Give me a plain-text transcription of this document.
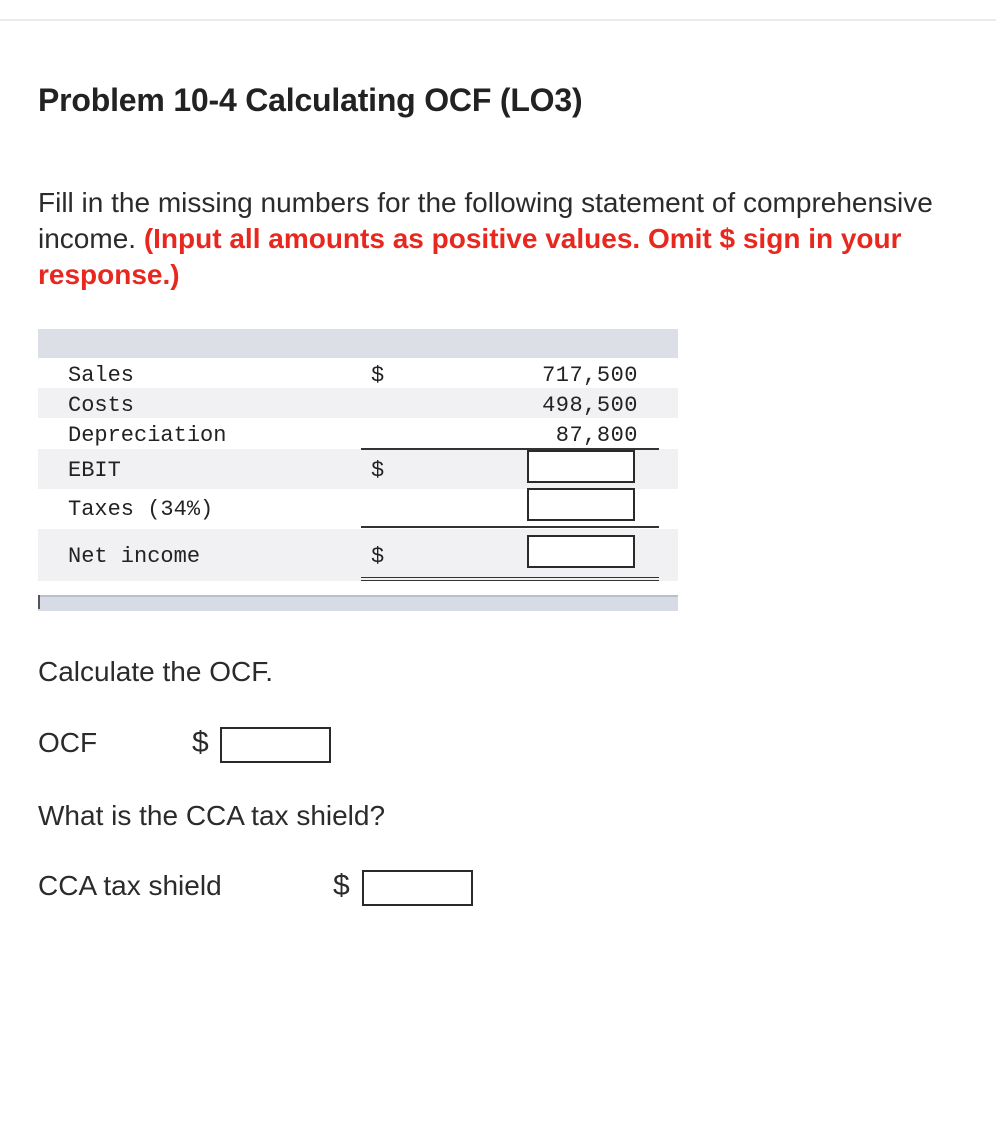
Problem 10-4 Calculating OCF (LO3)
Fill in the missing numbers for the following statement of comprehensive income. (Input all amounts as positive values. Omit $ sign in your response.)
Sales	$	717,500
Costs	498,500
Depreciation	87,800
EBIT	$
Taxes (34%)
Net income	$
Calculate the OCF.
OCF	$
What is the CCA tax shield?
CCA tax shield	$
